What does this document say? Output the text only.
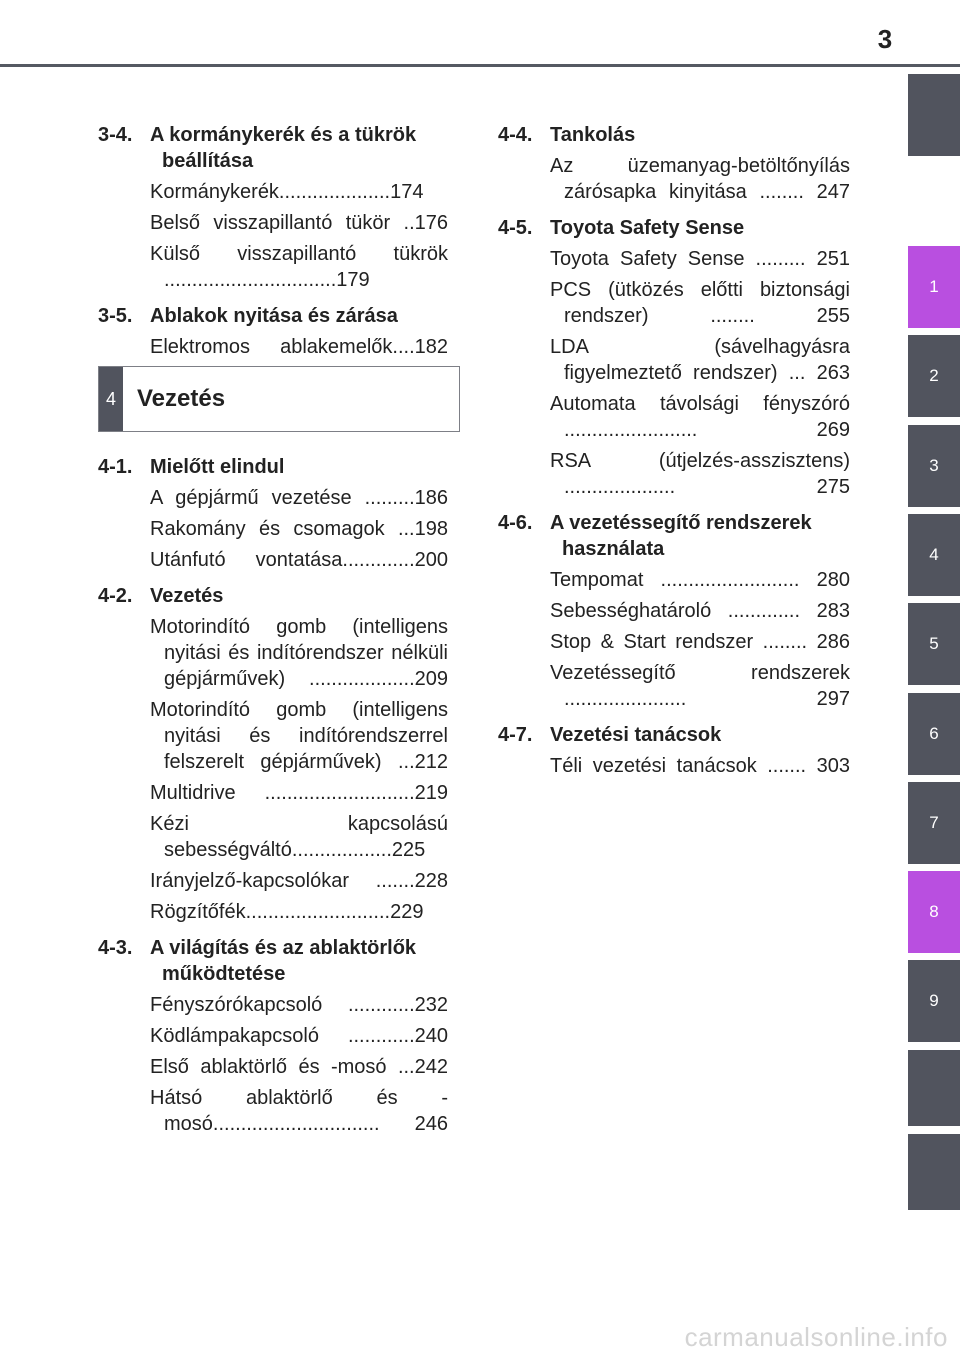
3
1
2
3
4
5
6
7
8
9
3-4. A kormánykerék és a tükrök beállítása
Kormánykerék....................174
Belső visszapillantó tükör ..176
Külső visszapillantó tükrök ...............................179
3-5. Ablakok nyitása és zárása
Elektromos ablakemelők....182
4 Vezetés
4-1. Mielőtt elindul
A gépjármű vezetése .........186
Rakomány és csomagok ...198
Utánfutó vontatása.............200
4-2. Vezetés
Motorindító gomb (intelligens nyitási és indítórendszer nélküli gépjárművek) ...................209
Motorindító gomb (intelligens nyitási és indítórendszerrel felszerelt gépjárművek) ...212
Multidrive ...........................219
Kézi kapcsolású sebességváltó..................225
Irányjelző-kapcsolókar .......228
Rögzítőfék..........................229
4-3. A világítás és az ablaktörlők működtetése
Fényszórókapcsoló ............232
Ködlámpakapcsoló ............240
Első ablaktörlő és -mosó ...242
Hátsó ablaktörlő és -mosó.............................. 246
4-4. Tankolás
Az üzemanyag-betöltőnyílás zárósapka kinyitása ........ 247
4-5. Toyota Safety Sense
Toyota Safety Sense ......... 251
PCS (ütközés előtti biztonsági rendszer) ........ 255
LDA (sávelhagyásra figyelmeztető rendszer) ... 263
Automata távolsági fényszóró ........................ 269
RSA (útjelzés-asszisztens) .................... 275
4-6. A vezetéssegítő rendszerek használata
Tempomat ......................... 280
Sebességhatároló ............. 283
Stop & Start rendszer ........ 286
Vezetéssegítő rendszerek ...................... 297
4-7. Vezetési tanácsok
Téli vezetési tanácsok ....... 303
carmanualsonline.info
